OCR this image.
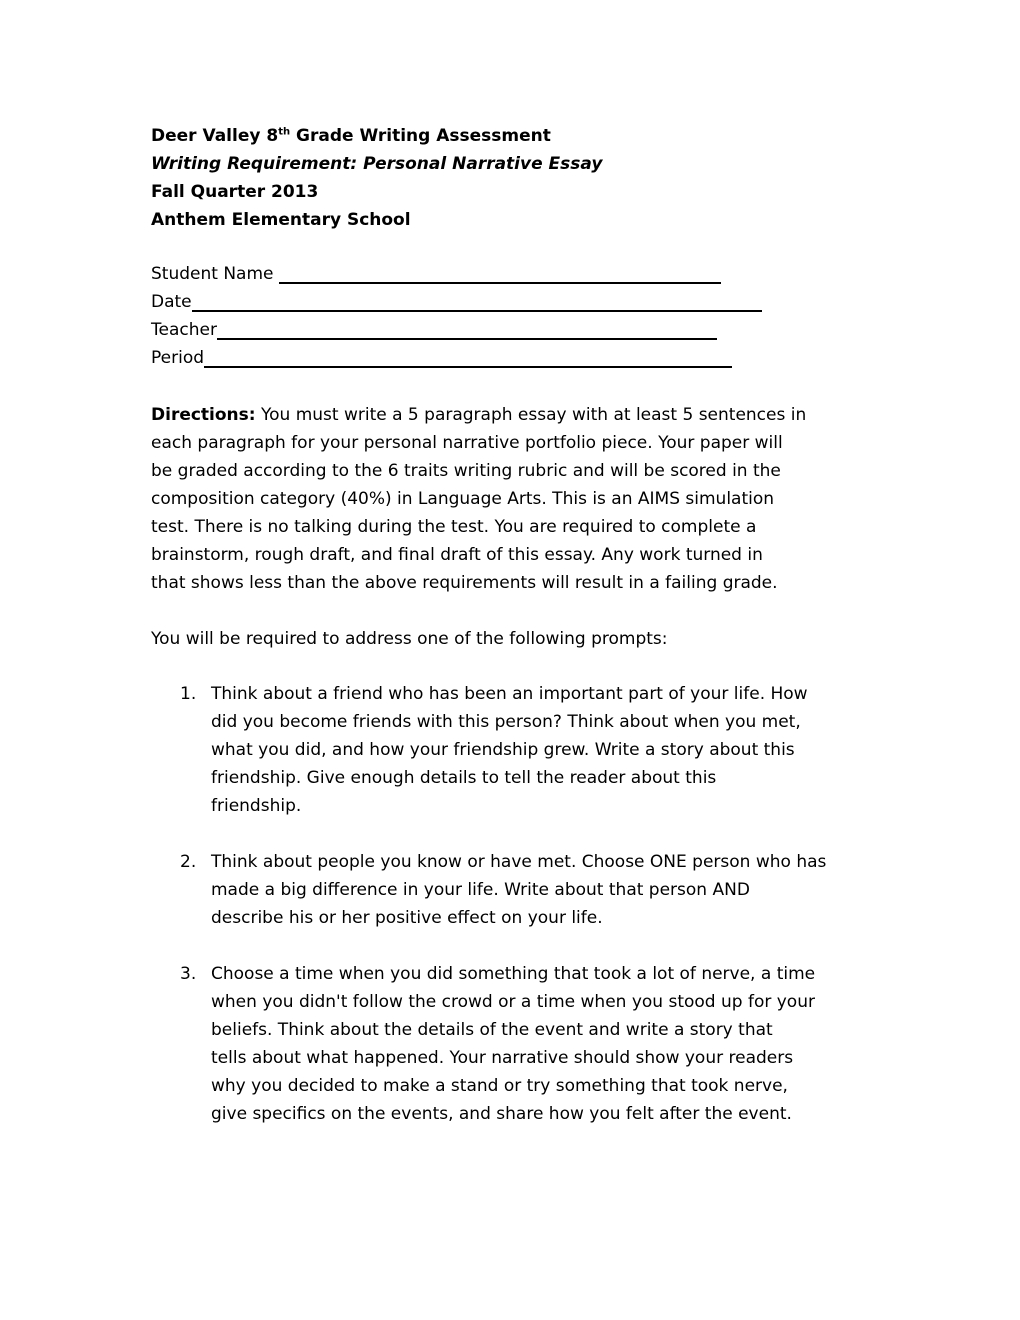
Deer Valley 8th Grade Writing Assessment
Writing Requirement: Personal Narrative Essay
Fall Quarter 2013
Anthem Elementary School
Student Name
Date
Teacher
Period
Directions: You must write a 5 paragraph essay with at least 5 sentences in
each paragraph for your personal narrative portfolio piece. Your paper will
be graded according to the 6 traits writing rubric and will be scored in the
composition category (40%) in Language Arts. This is an AIMS simulation
test. There is no talking during the test. You are required to complete a
brainstorm, rough draft, and final draft of this essay. Any work turned in
that shows less than the above requirements will result in a failing grade.
You will be required to address one of the following prompts:
1. Think about a friend who has been an important part of your life. How
did you become friends with this person? Think about when you met,
what you did, and how your friendship grew. Write a story about this
friendship. Give enough details to tell the reader about this
friendship.
2. Think about people you know or have met. Choose ONE person who has
made a big difference in your life. Write about that person AND
describe his or her positive effect on your life.
3. Choose a time when you did something that took a lot of nerve, a time
when you didn't follow the crowd or a time when you stood up for your
beliefs. Think about the details of the event and write a story that
tells about what happened. Your narrative should show your readers
why you decided to make a stand or try something that took nerve,
give specifics on the events, and share how you felt after the event.
